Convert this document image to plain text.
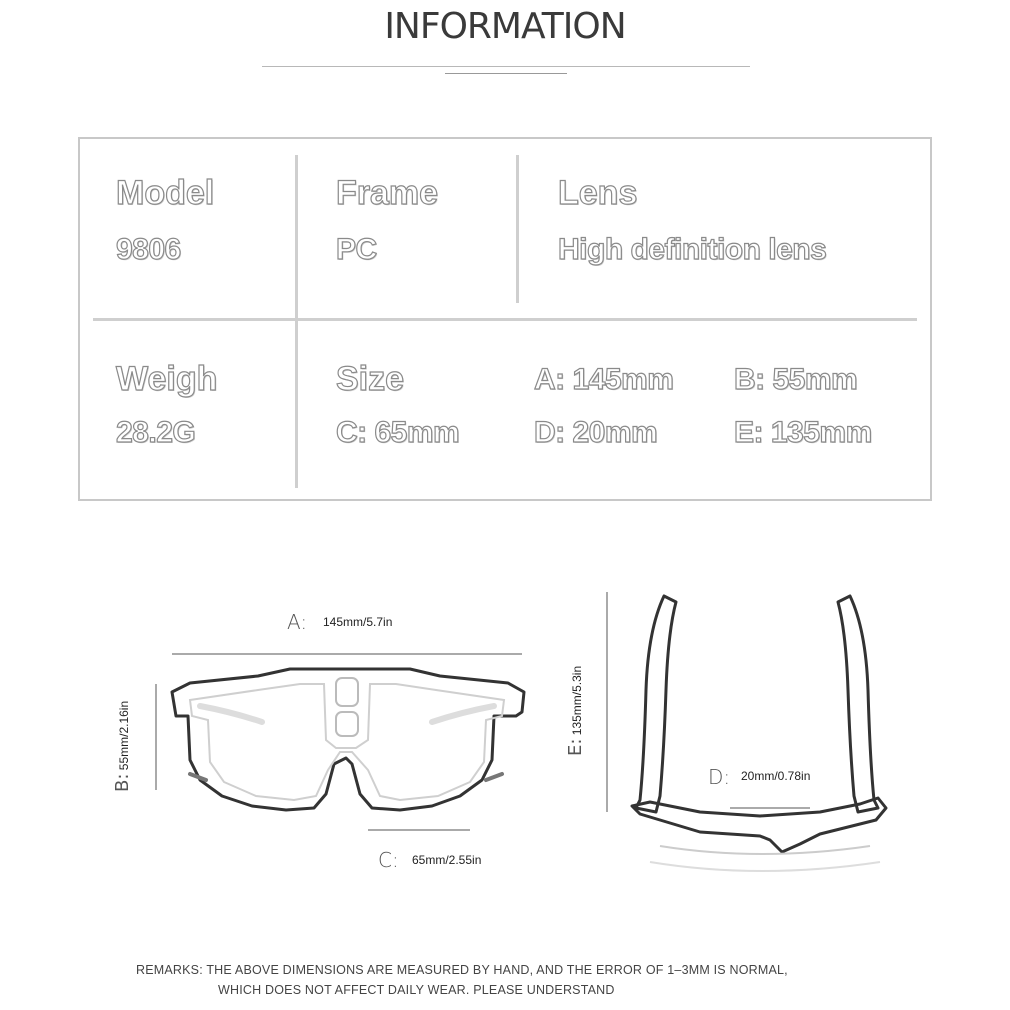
INFORMATION
Model
9806
Frame
PC
Lens
High definition lens
Weigh
28.2G
Size
C: 65mm
A: 145mm
D: 20mm
B: 55mm
E: 135mm
A: 145mm/5.7in
B: 55mm/2.16in
C: 65mm/2.55in
D: 20mm/0.78in
E: 135mm/5.3in
REMARKS: THE ABOVE DIMENSIONS ARE MEASURED BY HAND, AND THE ERROR OF 1–3MM IS NORMAL,
WHICH DOES NOT AFFECT DAILY WEAR. PLEASE UNDERSTAND
